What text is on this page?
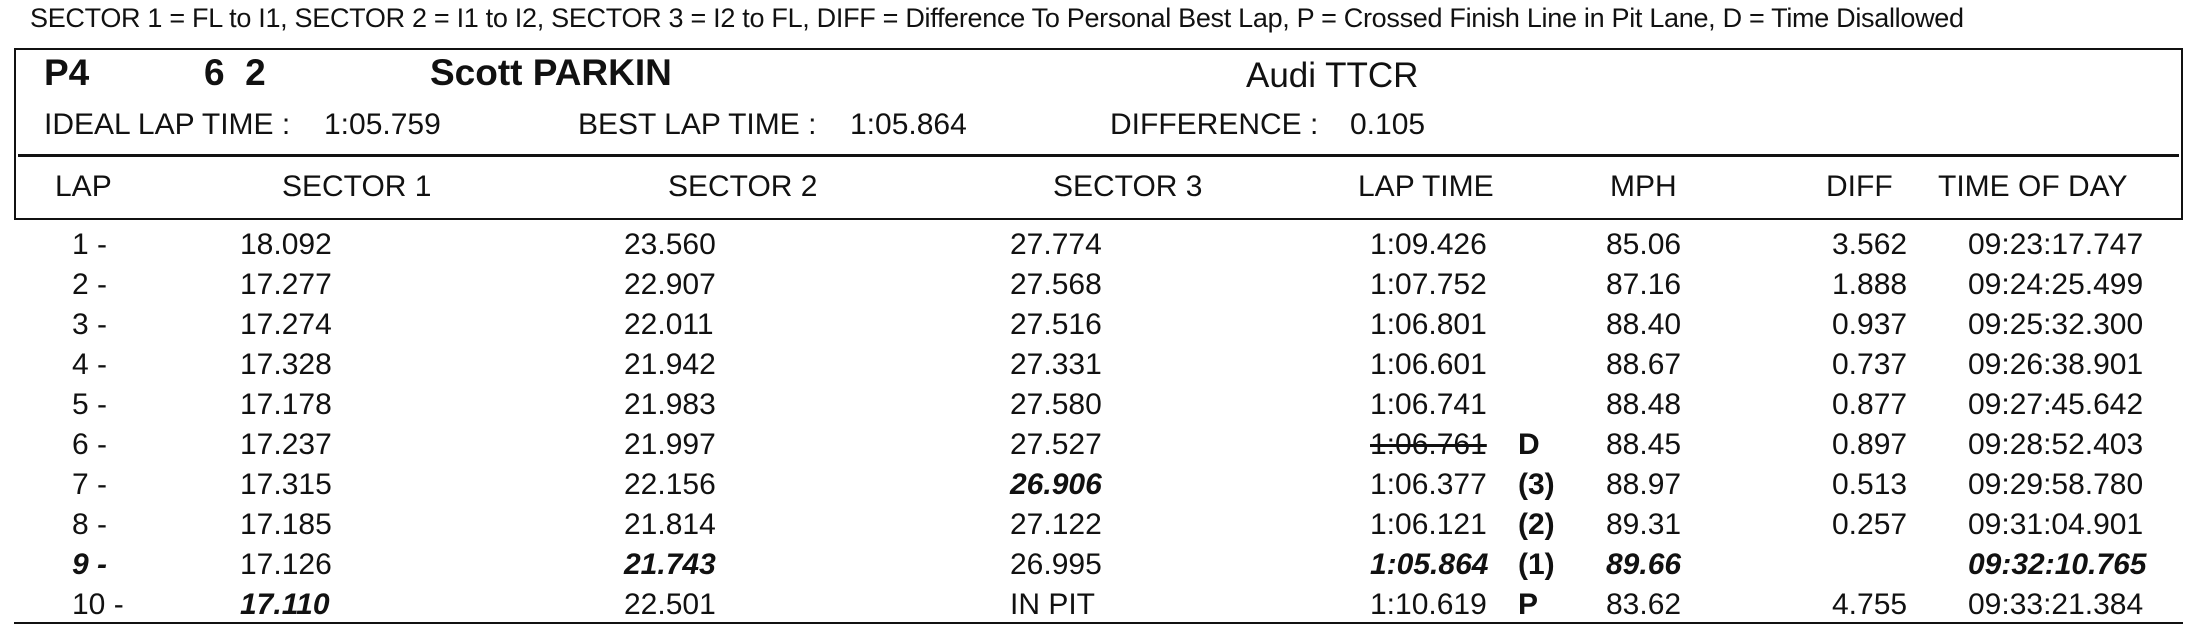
SECTOR 1 = FL to I1, SECTOR 2 = I1 to I2, SECTOR 3 = I2 to FL, DIFF = Difference To Personal Best Lap, P = Crossed Finish Line in Pit Lane, D = Time Disallowed
P4	6  2	Scott PARKIN	Audi TTCR
IDEAL LAP TIME : 1:05.759	BEST LAP TIME : 1:05.864	DIFFERENCE : 0.105
LAP	SECTOR 1	SECTOR 2	SECTOR 3	LAP TIME	MPH	DIFF TIME OF DAY
1 -	18.092	23.560	27.774	1:09.426	85.06	3.562 09:23:17.747
2 -	17.277	22.907	27.568	1:07.752	87.16	1.888 09:24:25.499
3 -	17.274	22.011	27.516	1:06.801	88.40	0.937 09:25:32.300
4 -	17.328	21.942	27.331	1:06.601	88.67	0.737 09:26:38.901
5 -	17.178	21.983	27.580	1:06.741	88.48	0.877 09:27:45.642
6 -	17.237	21.997	27.527	1:06.761 D 88.45	0.897 09:28:52.403
7 -	17.315	22.156	26.906	1:06.377 (3) 88.97	0.513 09:29:58.780
8 -	17.185	21.814	27.122	1:06.121 (2) 89.31	0.257 09:31:04.901
9 -	17.126	21.743	26.995	1:05.864 (1) 89.66	09:32:10.765
10 -	17.110	22.501	IN PIT	1:10.619 P 83.62	4.755 09:33:21.384
